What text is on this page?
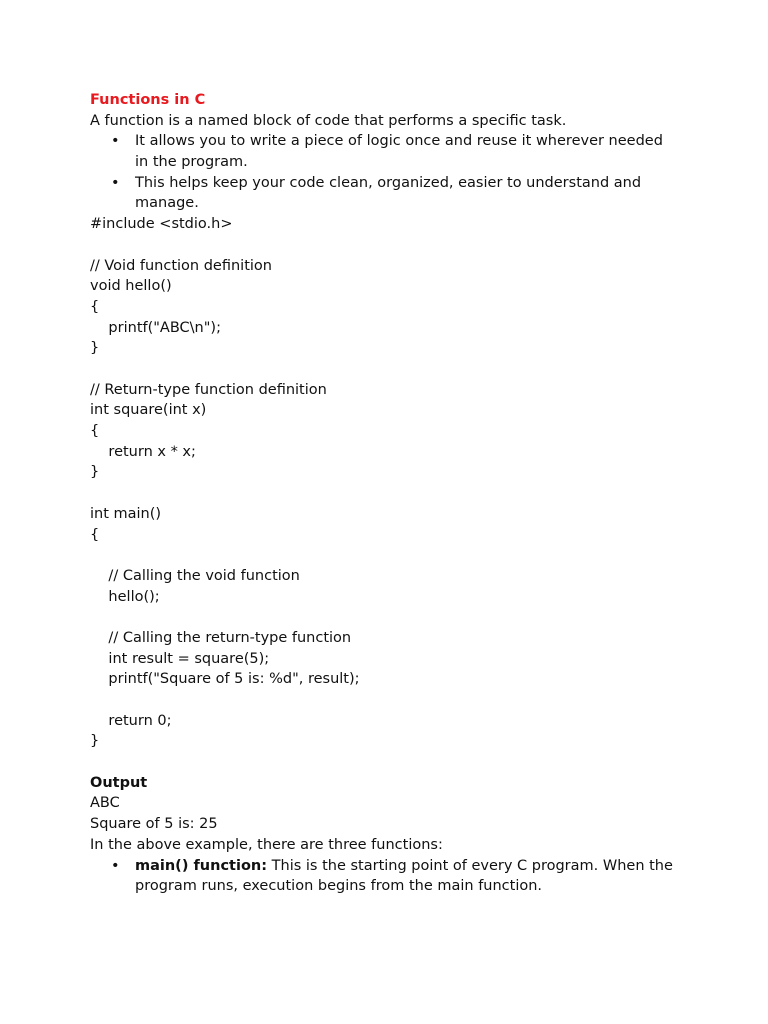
Functions in C
A function is a named block of code that performs a specific task.
• It allows you to write a piece of logic once and reuse it wherever needed in the program.
• This helps keep your code clean, organized, easier to understand and manage.
#include <stdio.h>
// Void function definition
void hello()
{
printf("ABC\n");
}
// Return-type function definition
int square(int x)
{
return x * x;
}
int main()
{
// Calling the void function
hello();
// Calling the return-type function
int result = square(5);
printf("Square of 5 is: %d", result);
return 0;
}
Output
ABC
Square of 5 is: 25
In the above example, there are three functions:
• main() function: This is the starting point of every C program. When the program runs, execution begins from the main function.
